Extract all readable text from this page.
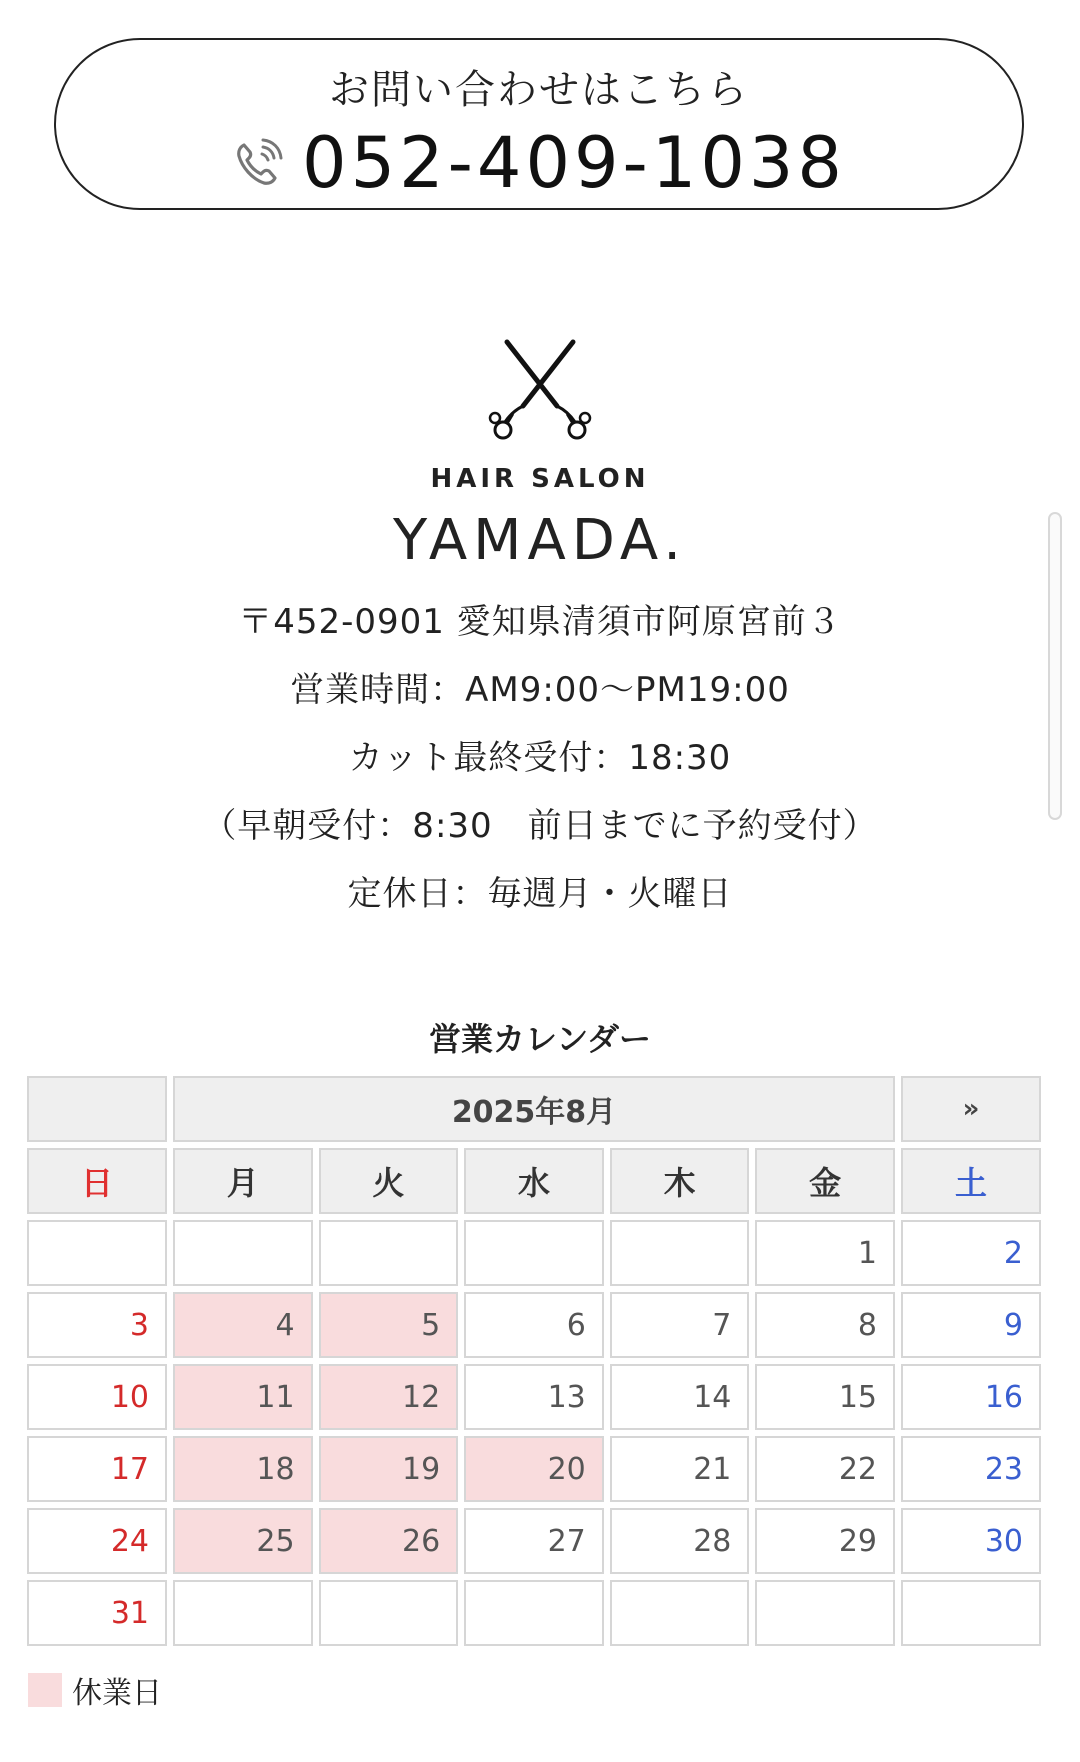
お問い合わせはこちら
052-409-1038
HAIR SALON
YAMADA.
〒452-0901 愛知県清須市阿原宮前３
営業時間：AM9:00〜PM19:00
カット最終受付：18:30
（早朝受付：8:30　前日までに予約受付）
定休日：毎週月・火曜日
営業カレンダー
	2025年8月					»
日	月	火	水	木	金	土
					1	2
3	4	5	6	7	8	9
10	11	12	13	14	15	16
17	18	19	20	21	22	23
24	25	26	27	28	29	30
31						
休業日
